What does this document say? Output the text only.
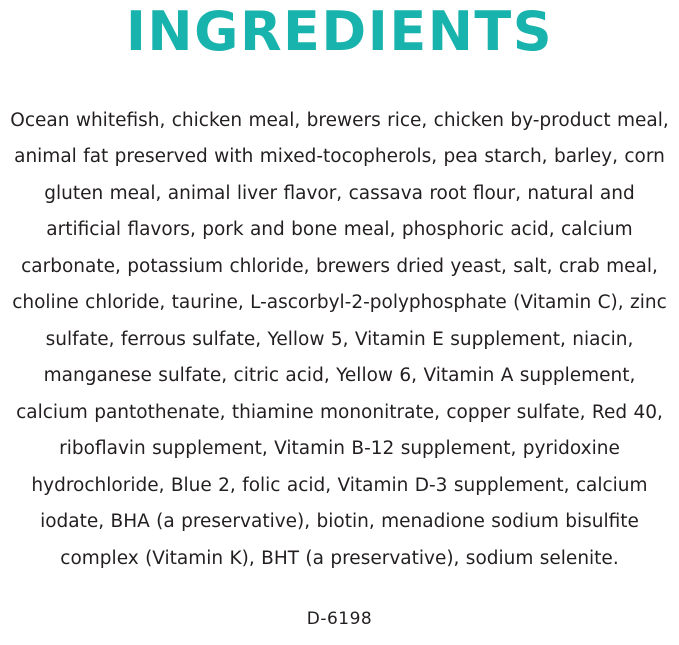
INGREDIENTS
Ocean whitefish, chicken meal, brewers rice, chicken by-product meal, animal fat preserved with mixed-tocopherols, pea starch, barley, corn gluten meal, animal liver flavor, cassava root flour, natural and artificial flavors, pork and bone meal, phosphoric acid, calcium carbonate, potassium chloride, brewers dried yeast, salt, crab meal, choline chloride, taurine, L-ascorbyl-2-polyphosphate (Vitamin C), zinc sulfate, ferrous sulfate, Yellow 5, Vitamin E supplement, niacin, manganese sulfate, citric acid, Yellow 6, Vitamin A supplement, calcium pantothenate, thiamine mononitrate, copper sulfate, Red 40, riboflavin supplement, Vitamin B-12 supplement, pyridoxine hydrochloride, Blue 2, folic acid, Vitamin D-3 supplement, calcium iodate, BHA (a preservative), biotin, menadione sodium bisulfite complex (Vitamin K), BHT (a preservative), sodium selenite.
D-6198
